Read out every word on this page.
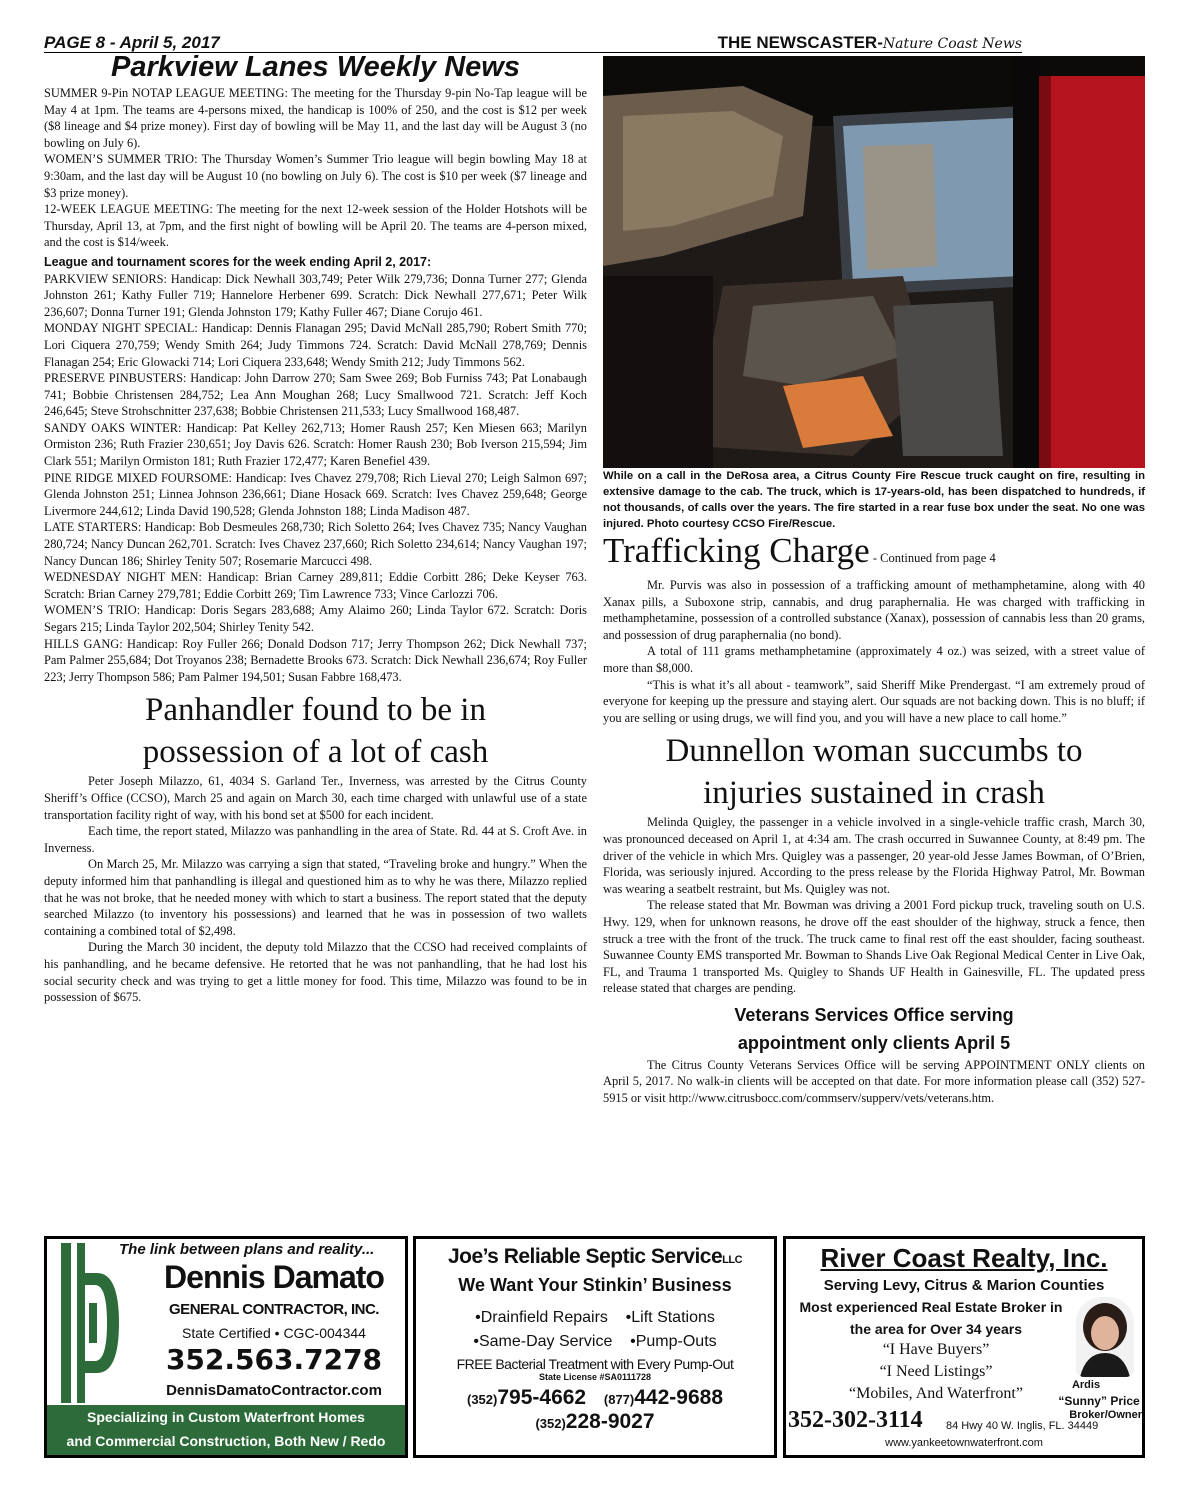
PAGE 8 - April 5, 2017	THE NEWSCASTER-Nature Coast News
Parkview Lanes Weekly News

SUMMER 9-Pin NOTAP LEAGUE MEETING: The meeting for the Thursday 9-pin No-Tap league will be May 4 at 1pm. The teams are 4-persons mixed, the handicap is 100% of 250, and the cost is $12 per week ($8 lineage and $4 prize money). First day of bowling will be May 11, and the last day will be August 3 (no bowling on July 6).

WOMEN’S SUMMER TRIO: The Thursday Women’s Summer Trio league will begin bowling May 18 at 9:30am, and the last day will be August 10 (no bowling on July 6). The cost is $10 per week ($7 lineage and $3 prize money).

12-WEEK LEAGUE MEETING: The meeting for the next 12-week session of the Holder Hotshots will be Thursday, April 13, at 7pm, and the first night of bowling will be April 20. The teams are 4-person mixed, and the cost is $14/week.

League and tournament scores for the week ending April 2, 2017:

PARKVIEW SENIORS: Handicap: Dick Newhall 303,749; Peter Wilk 279,736; Donna Turner 277; Glenda Johnston 261; Kathy Fuller 719; Hannelore Herbener 699. Scratch: Dick Newhall 277,671; Peter Wilk 236,607; Donna Turner 191; Glenda Johnston 179; Kathy Fuller 467; Diane Corujo 461.

MONDAY NIGHT SPECIAL: Handicap: Dennis Flanagan 295; David McNall 285,790; Robert Smith 770; Lori Ciquera 270,759; Wendy Smith 264; Judy Timmons 724. Scratch: David McNall 278,769; Dennis Flanagan 254; Eric Glowacki 714; Lori Ciquera 233,648; Wendy Smith 212; Judy Timmons 562.

PRESERVE PINBUSTERS: Handicap: John Darrow 270; Sam Swee 269; Bob Furniss 743; Pat Lonabaugh 741; Bobbie Christensen 284,752; Lea Ann Moughan 268; Lucy Smallwood 721. Scratch: Jeff Koch 246,645; Steve Strohschnitter 237,638; Bobbie Christensen 211,533; Lucy Smallwood 168,487.

SANDY OAKS WINTER: Handicap: Pat Kelley 262,713; Homer Raush 257; Ken Miesen 663; Marilyn Ormiston 236; Ruth Frazier 230,651; Joy Davis 626. Scratch: Homer Raush 230; Bob Iverson 215,594; Jim Clark 551; Marilyn Ormiston 181; Ruth Frazier 172,477; Karen Benefiel 439.

PINE RIDGE MIXED FOURSOME: Handicap: Ives Chavez 279,708; Rich Lieval 270; Leigh Salmon 697; Glenda Johnston 251; Linnea Johnson 236,661; Diane Hosack 669. Scratch: Ives Chavez 259,648; George Livermore 244,612; Linda David 190,528; Glenda Johnston 188; Linda Madison 487.

LATE STARTERS: Handicap: Bob Desmeules 268,730; Rich Soletto 264; Ives Chavez 735; Nancy Vaughan 280,724; Nancy Duncan 262,701. Scratch: Ives Chavez 237,660; Rich Soletto 234,614; Nancy Vaughan 197; Nancy Duncan 186; Shirley Tenity 507; Rosemarie Marcucci 498.

WEDNESDAY NIGHT MEN: Handicap: Brian Carney 289,811; Eddie Corbitt 286; Deke Keyser 763. Scratch: Brian Carney 279,781; Eddie Corbitt 269; Tim Lawrence 733; Vince Carlozzi 706.

WOMEN’S TRIO: Handicap: Doris Segars 283,688; Amy Alaimo 260; Linda Taylor 672. Scratch: Doris Segars 215; Linda Taylor 202,504; Shirley Tenity 542.

HILLS GANG: Handicap: Roy Fuller 266; Donald Dodson 717; Jerry Thompson 262; Dick Newhall 737; Pam Palmer 255,684; Dot Troyanos 238; Bernadette Brooks 673. Scratch: Dick Newhall 236,674; Roy Fuller 223; Jerry Thompson 586; Pam Palmer 194,501; Susan Fabbre 168,473.

Panhandler found to be in possession of a lot of cash

Peter Joseph Milazzo, 61, 4034 S. Garland Ter., Inverness, was arrested by the Citrus County Sheriff’s Office (CCSO), March 25 and again on March 30, each time charged with unlawful use of a state transportation facility right of way, with his bond set at $500 for each incident.

Each time, the report stated, Milazzo was panhandling in the area of State. Rd. 44 at S. Croft Ave. in Inverness.

On March 25, Mr. Milazzo was carrying a sign that stated, “Traveling broke and hungry.” When the deputy informed him that panhandling is illegal and questioned him as to why he was there, Milazzo replied that he was not broke, that he needed money with which to start a business. The report stated that the deputy searched Milazzo (to inventory his possessions) and learned that he was in possession of two wallets containing a combined total of $2,498.

During the March 30 incident, the deputy told Milazzo that the CCSO had received complaints of his panhandling, and he became defensive. He retorted that he was not panhandling, that he had lost his social security check and was trying to get a little money for food. This time, Milazzo was found to be in possession of $675.

While on a call in the DeRosa area, a Citrus County Fire Rescue truck caught on fire, resulting in extensive damage to the cab. The truck, which is 17-years-old, has been dispatched to hundreds, if not thousands, of calls over the years. The fire started in a rear fuse box under the seat. No one was injured. Photo courtesy CCSO Fire/Rescue.

Trafficking Charge - Continued from page 4

Mr. Purvis was also in possession of a trafficking amount of methamphetamine, along with 40 Xanax pills, a Suboxone strip, cannabis, and drug paraphernalia. He was charged with trafficking in methamphetamine, possession of a controlled substance (Xanax), possession of cannabis less than 20 grams, and possession of drug paraphernalia (no bond).

A total of 111 grams methamphetamine (approximately 4 oz.) was seized, with a street value of more than $8,000.

“This is what it’s all about - teamwork”, said Sheriff Mike Prendergast. “I am extremely proud of everyone for keeping up the pressure and staying alert. Our squads are not backing down. This is no bluff; if you are selling or using drugs, we will find you, and you will have a new place to call home.”

Dunnellon woman succumbs to injuries sustained in crash

Melinda Quigley, the passenger in a vehicle involved in a single-vehicle traffic crash, March 30, was pronounced deceased on April 1, at 4:34 am. The crash occurred in Suwannee County, at 8:49 pm. The driver of the vehicle in which Mrs. Quigley was a passenger, 20 year-old Jesse James Bowman, of O’Brien, Florida, was seriously injured. According to the press release by the Florida Highway Patrol, Mr. Bowman was wearing a seatbelt restraint, but Ms. Quigley was not.

The release stated that Mr. Bowman was driving a 2001 Ford pickup truck, traveling south on U.S. Hwy. 129, when for unknown reasons, he drove off the east shoulder of the highway, struck a fence, then struck a tree with the front of the truck. The truck came to final rest off the east shoulder, facing southeast. Suwannee County EMS transported Mr. Bowman to Shands Live Oak Regional Medical Center in Live Oak, FL, and Trauma 1 transported Ms. Quigley to Shands UF Health in Gainesville, FL. The updated press release stated that charges are pending.

Veterans Services Office serving appointment only clients April 5

The Citrus County Veterans Services Office will be serving APPOINTMENT ONLY clients on April 5, 2017. No walk-in clients will be accepted on that date. For more information please call (352) 527-5915 or visit http://www.citrusbocc.com/commserv/supperv/vets/veterans.htm.

The link between plans and reality...
Dennis Damato
GENERAL CONTRACTOR, INC.
State Certified • CGC-004344
352.563.7278
DennisDamatoContractor.com
Specializing in Custom Waterfront Homes
and Commercial Construction, Both New / Redo
Joe’s Reliable Septic ServiceLLC
We Want Your Stinkin’ Business
•Drainfield Repairs •Lift Stations
•Same-Day Service •Pump-Outs
FREE Bacterial Treatment with Every Pump-Out
State License #SA0111728
(352)795-4662 (877)442-9688
(352)228-9027
River Coast Realty, Inc.
Serving Levy, Citrus & Marion Counties
Most experienced Real Estate Broker in
the area for Over 34 years
“I Have Buyers”
“I Need Listings”
“Mobiles, And Waterfront”	Ardis
“Sunny” Price
Broker/Owner
352-302-3114 84 Hwy 40 W. Inglis, FL. 34449
www.yankeetownwaterfront.com
